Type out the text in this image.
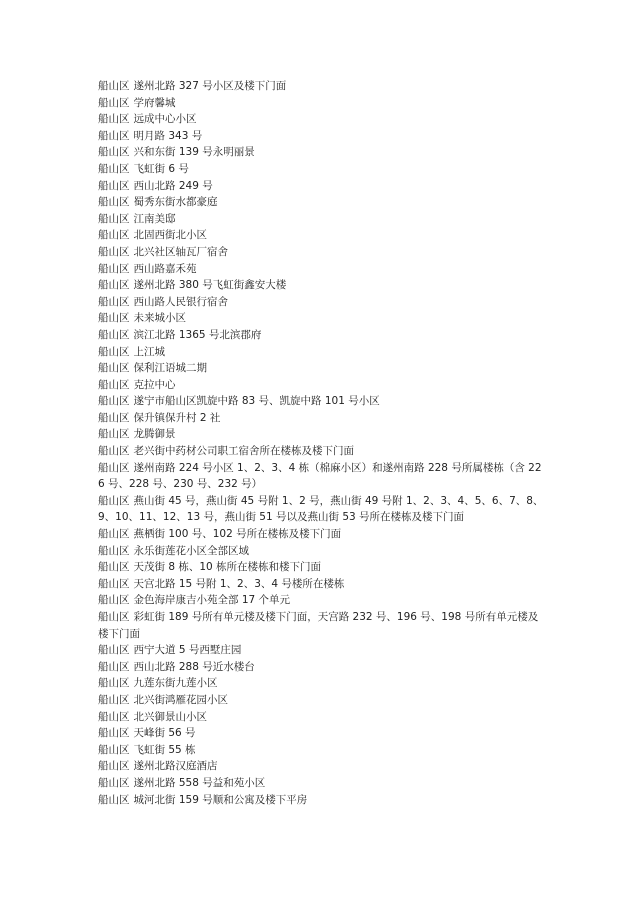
船山区 遂州北路 327 号小区及楼下门面

船山区 学府馨城

船山区 远成中心小区

船山区 明月路 343 号

船山区 兴和东街 139 号永明丽景

船山区 飞虹街 6 号

船山区 西山北路 249 号

船山区 蜀秀东街水都豪庭

船山区 江南美邸

船山区 北固西街北小区

船山区 北兴社区轴瓦厂宿舍

船山区 西山路嘉禾苑

船山区 遂州北路 380 号飞虹街鑫安大楼

船山区 西山路人民银行宿舍

船山区 未来城小区

船山区 滨江北路 1365 号北滨郡府

船山区 上江城

船山区 保利江语城二期

船山区 克拉中心

船山区 遂宁市船山区凯旋中路 83 号、凯旋中路 101 号小区

船山区 保升镇保升村 2 社

船山区 龙腾御景

船山区 老兴街中药材公司职工宿舍所在楼栋及楼下门面

船山区 遂州南路 224 号小区 1、2、3、4 栋（棉麻小区）和遂州南路 228 号所属楼栋（含 226 号、228 号、230 号、232 号）

船山区 燕山街 45 号，燕山街 45 号附 1、2 号，燕山街 49 号附 1、2、3、4、5、6、7、8、9、10、11、12、13 号，燕山街 51 号以及燕山街 53 号所在楼栋及楼下门面

船山区 燕栖街 100 号、102 号所在楼栋及楼下门面

船山区 永乐街莲花小区全部区域

船山区 天茂街 8 栋、10 栋所在楼栋和楼下门面

船山区 天宫北路 15 号附 1、2、3、4 号楼所在楼栋

船山区 金色海岸康吉小苑全部 17 个单元

船山区 彩虹街 189 号所有单元楼及楼下门面，天宫路 232 号、196 号、198 号所有单元楼及楼下门面

船山区 西宁大道 5 号西墅庄园

船山区 西山北路 288 号近水楼台

船山区 九莲东街九莲小区

船山区 北兴街鸿雁花园小区

船山区 北兴御景山小区

船山区 天峰街 56 号

船山区 飞虹街 55 栋

船山区 遂州北路汉庭酒店

船山区 遂州北路 558 号益和苑小区

船山区 城河北街 159 号顺和公寓及楼下平房
